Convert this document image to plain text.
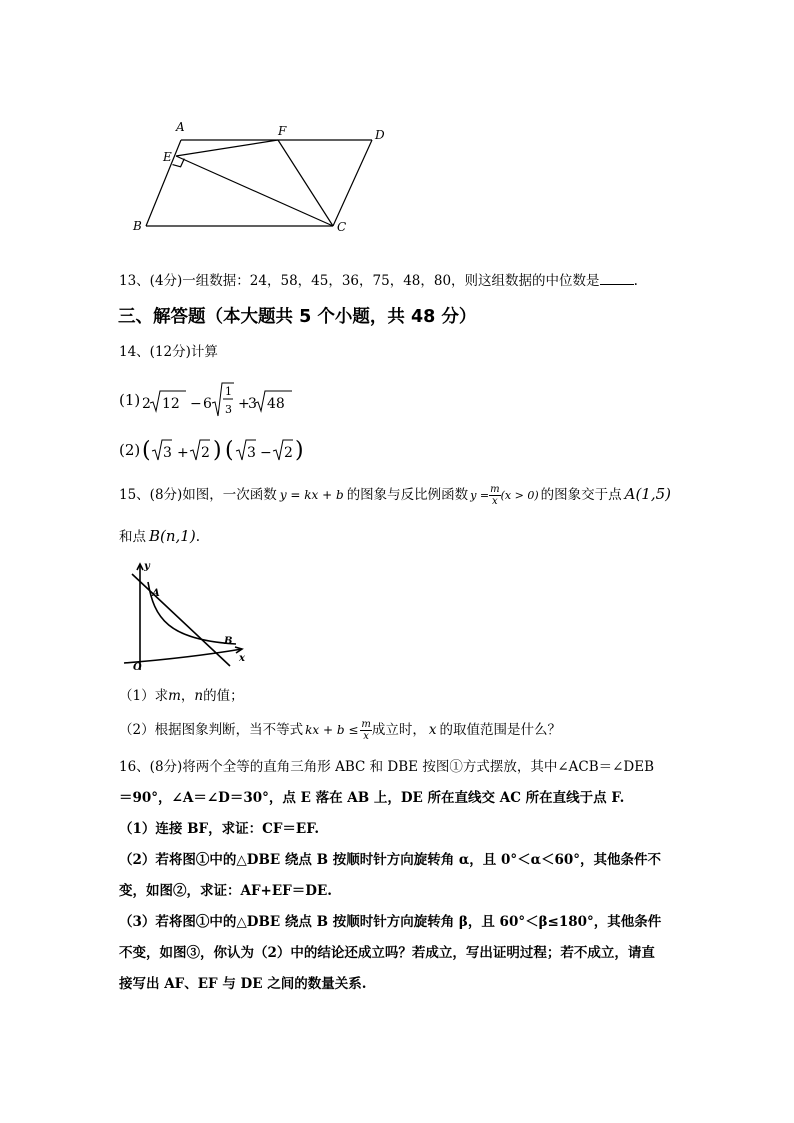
A	F	D
E
B	C
13、(4分)一组数据：24，58，45，36，75，48，80，则这组数据的中位数是	.
三、解答题（本大题共 5 个小题，共 48 分）
14、(12分)计算
(1) 2 12 − 6
1
3 +
3 48
(2) ( 3 + 2 ) ( 3 − 2 )
15、(8分)如图，一次函数 y = kx + b 的图象与反比例函数 $y = \frac{m}{x} (x > 0)$ 的图象交于点 A(1,5)
和点 B(n,1).
y
A
B
O
x
（1）求m，n的值；
（2）根据图象判断，当不等式 kx + $b \le \frac{m}{x}$ 成立时， x 的取值范围是什么？
16、(8分)将两个全等的直角三角形 ABC 和 DBE 按图①方式摆放，其中∠ACB＝∠DEB
＝90°，∠A＝∠D＝30°，点 E 落在 AB 上，DE 所在直线交 AC 所在直线于点 F.
（1）连接 BF，求证：CF＝EF.
（2）若将图①中的△DBE 绕点 B 按顺时针方向旋转角 α，且 0°＜α＜60°，其他条件不
变，如图②，求证：AF+EF＝DE.
（3）若将图①中的△DBE 绕点 B 按顺时针方向旋转角 β，且 60°＜β≤180°，其他条件
不变，如图③，你认为（2）中的结论还成立吗？若成立，写出证明过程；若不成立，请直
接写出 AF、EF 与 DE 之间的数量关系.
